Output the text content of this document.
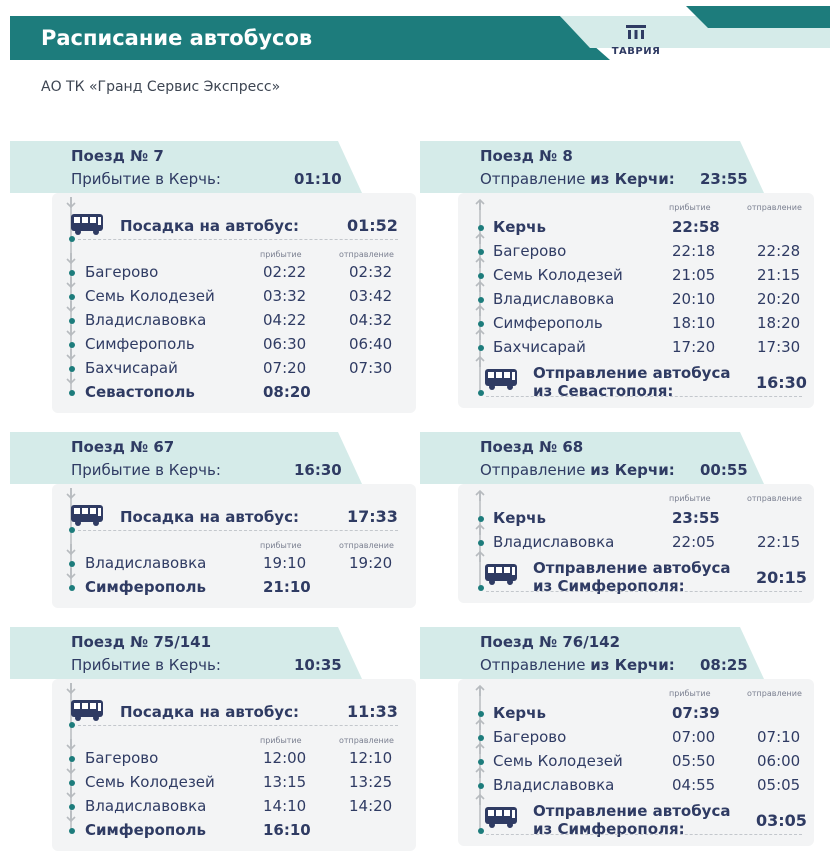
Расписание автобусов
АО ТК «Гранд Сервис Экспресс»
ТАВРИЯ
Поезд № 7
Прибытие в Керчь:	01:10
Посадка на автобус:	01:52
прибытие	отправление
Багерово	02:22	02:32
Семь Колодезей	03:32	03:42
Владиславовка	04:22	04:32
Симферополь	06:30	06:40
Бахчисарай	07:20	07:30
Севастополь	08:20
Поезд № 67
Прибытие в Керчь:	16:30
Посадка на автобус:	17:33
прибытие	отправление
Владиславовка	19:10	19:20
Симферополь	21:10
Поезд № 75/141
Прибытие в Керчь:	10:35
Посадка на автобус:	11:33
прибытие	отправление
Багерово	12:00	12:10
Семь Колодезей	13:15	13:25
Владиславовка	14:10	14:20
Симферополь	16:10
Поезд № 8
Отправление из Керчи: 23:55
прибытие	отправление
Керчь	22:58
Багерово	22:18	22:28
Семь Колодезей	21:05	21:15
Владиславовка	20:10	20:20
Симферополь	18:10	18:20
Бахчисарай	17:20	17:30
Отправление автобуса
из Севастополя:	16:30
Поезд № 68
Отправление из Керчи: 00:55
прибытие	отправление
Керчь	23:55
Владиславовка	22:05	22:15
Отправление автобуса
из Симферополя:	20:15
Поезд № 76/142
Отправление из Керчи: 08:25
прибытие	отправление
Керчь	07:39
Багерово	07:00	07:10
Семь Колодезей	05:50	06:00
Владиславовка	04:55	05:05
Отправление автобуса
из Симферополя:	03:05
